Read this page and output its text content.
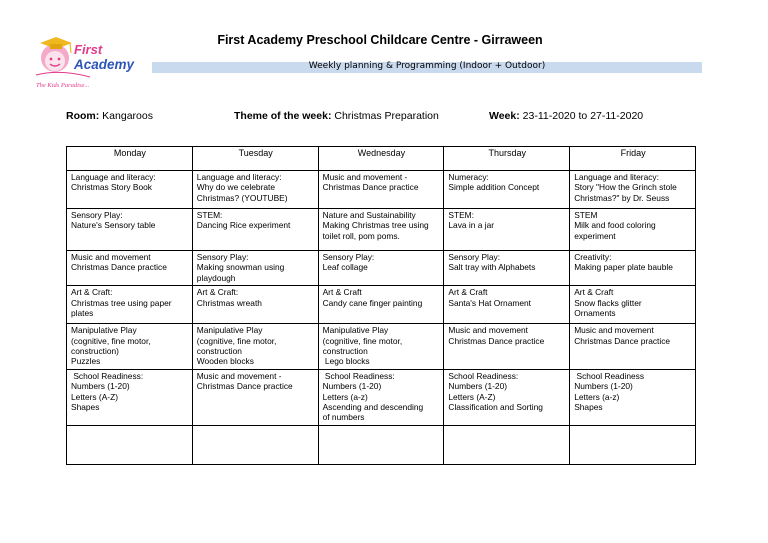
First
Academy
The Kids Paradise...
First Academy Preschool Childcare Centre - Girraween
Weekly planning & Programming (Indoor + Outdoor)
Room: Kangaroos	Theme of the week: Christmas Preparation	Week: 23-11-2020 to 27-11-2020
Monday	Tuesday	Wednesday	Thursday	Friday

Language and literacy:
Christmas Story Book	Language and literacy:
Why do we celebrate
Christmas? (YOUTUBE)	Music and movement -
Christmas Dance practice	Numeracy:
Simple addition Concept	Language and literacy:
Story "How the Grinch stole
Christmas?" by Dr. Seuss

Sensory Play:
Nature's Sensory table	STEM:
Dancing Rice experiment	Nature and Sustainability
Making Christmas tree using
toilet roll, pom poms.	STEM:
Lava in a jar	STEM
Milk and food coloring
experiment

Music and movement
Christmas Dance practice	Sensory Play:
Making snowman using
playdough	Sensory Play:
Leaf collage	Sensory Play:
Salt tray with Alphabets	Creativity:
Making paper plate bauble

Art & Craft:
Christmas tree using paper
plates	Art & Craft:
Christmas wreath	Art & Craft
Candy cane finger painting	Art & Craft
Santa's Hat Ornament	Art & Craft
Snow flacks glitter
Ornaments

Manipulative Play
(cognitive, fine motor,
construction)
Puzzles	Manipulative Play
(cognitive, fine motor,
construction
Wooden blocks	Manipulative Play
(cognitive, fine motor,
construction
Lego blocks	Music and movement
Christmas Dance practice	Music and movement
Christmas Dance practice

School Readiness:
Numbers (1-20)
Letters (A-Z)
Shapes	Music and movement -
Christmas Dance practice	School Readiness:
Numbers (1-20)
Letters (a-z)
Ascending and descending
of numbers	School Readiness:
Numbers (1-20)
Letters (A-Z)
Classification and Sorting	School Readiness
Numbers (1-20)
Letters (a-z)
Shapes
